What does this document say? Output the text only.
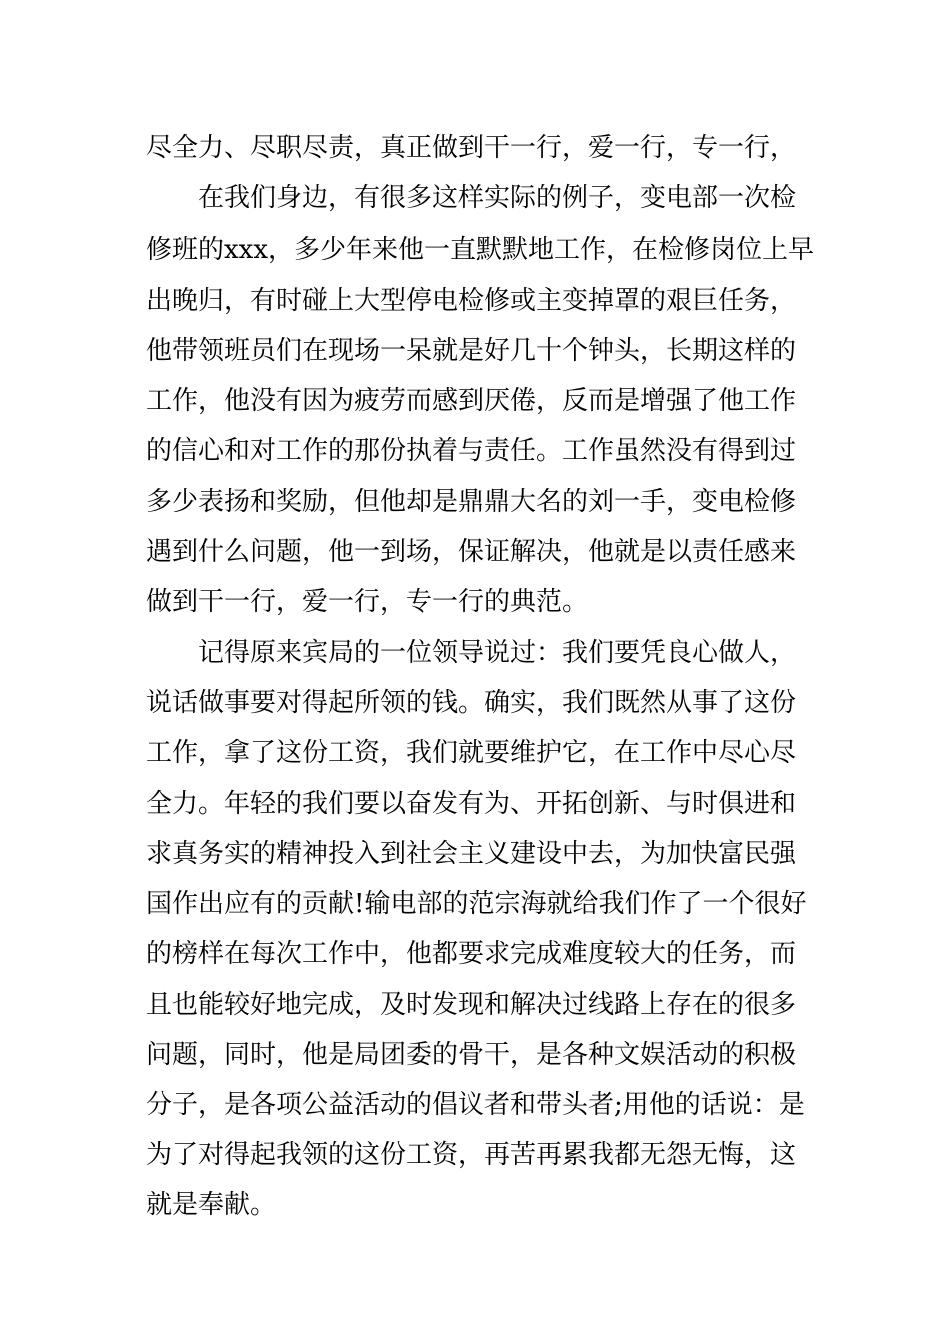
尽全力、尽职尽责，真正做到干一行，爱一行，专一行，
在我们身边，有很多这样实际的例子，变电部一次检
修班的xxx，多少年来他一直默默地工作，在检修岗位上早
出晚归，有时碰上大型停电检修或主变掉罩的艰巨任务，
他带领班员们在现场一呆就是好几十个钟头，长期这样的
工作，他没有因为疲劳而感到厌倦，反而是增强了他工作
的信心和对工作的那份执着与责任。工作虽然没有得到过
多少表扬和奖励，但他却是鼎鼎大名的刘一手，变电检修
遇到什么问题，他一到场，保证解决，他就是以责任感来
做到干一行，爱一行，专一行的典范。
记得原来宾局的一位领导说过：我们要凭良心做人，
说话做事要对得起所领的钱。确实，我们既然从事了这份
工作，拿了这份工资，我们就要维护它，在工作中尽心尽
全力。年轻的我们要以奋发有为、开拓创新、与时俱进和
求真务实的精神投入到社会主义建设中去，为加快富民强
国作出应有的贡献!输电部的范宗海就给我们作了一个很好
的榜样在每次工作中，他都要求完成难度较大的任务，而
且也能较好地完成，及时发现和解决过线路上存在的很多
问题，同时，他是局团委的骨干，是各种文娱活动的积极
分子，是各项公益活动的倡议者和带头者;用他的话说：是
为了对得起我领的这份工资，再苦再累我都无怨无悔，这
就是奉献。
